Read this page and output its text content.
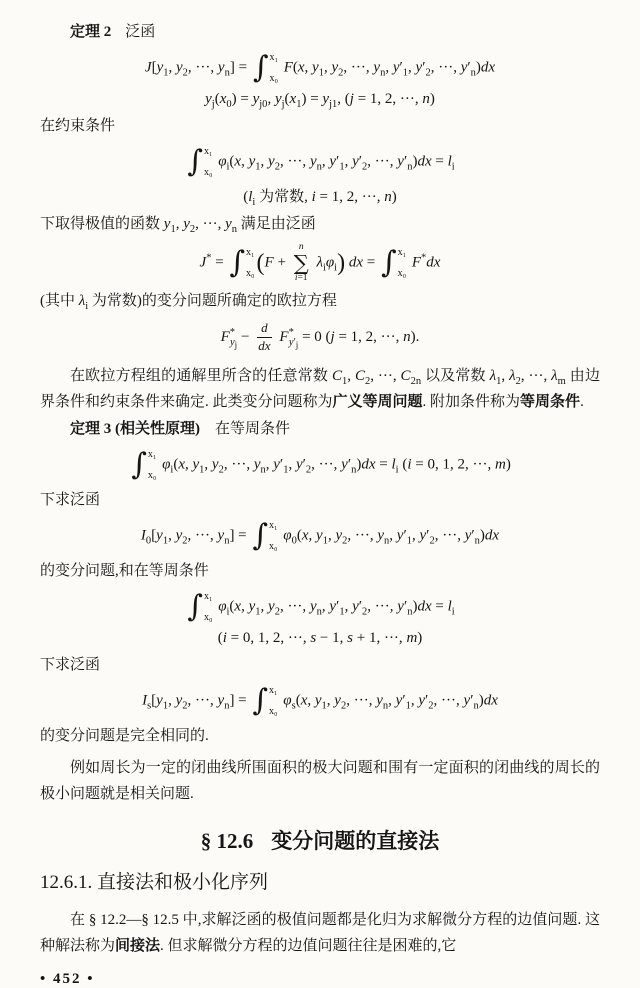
定理 2 泛函
$J[y_1$, $y_2$, ···, $y_n$] = ∫ x₁
x₀
F(x, $y_1$, $y_2$, ···, $y_n$, $y'_1$, $y'_2$, ···, $y'_n)dx$
$y_j(x_0) = y_{j0}$, $y_j(x_1) = y_{j1}$, (j = 1, 2, ···, n)
在约束条件
∫ x₁
x₀
$\varphi_i(x$, $y_1$, $y_2$, ···, $y_n$, $y'_1$, $y'_2$, ···, $y'_n)dx = l_i$
($l_i$ 为常数, i = 1, 2, ···, n)
下取得极值的函数 $y_1$, $y_2$, ···, $y_n$ 满足由泛函
J* = ∫ x₁
x₀ (F +
n
∑
i=1
$\lambda_i\varphi_i$) dx = ∫ x₁
x₀
F*dx
(其中 $\lambda_i$ 为常数)的变分问题所确定的欧拉方程
$F^*_{y_j} - \frac{d}{dx} F^*_{y'_j} = 0$ (j = 1, 2, ···, n).
在欧拉方程组的通解里所含的任意常数 $C_1$, $C_2$, ···, $C_{2n}$ 以及常数 $\lambda_1$, $\lambda_2$, ···, $\lambda_m$ 由边界条件和约束条件来确定. 此类变分问题称为广义等周问题. 附加条件称为等周条件.
定理 3 (相关性原理)　在等周条件
∫ x₁
x₀
$\varphi_i(x$, $y_1$, $y_2$, ···, $y_n$, $y'_1$, $y'_2$, ···, $y'_n)dx = l_i$ (i = 0, 1, 2, ···, m)
下求泛函
$I_0[y_1$, $y_2$, ···, $y_n$] = ∫ x₁
x₀
$\varphi_0(x$, $y_1$, $y_2$, ···, $y_n$, $y'_1$, $y'_2$, ···, $y'_n)dx$
的变分问题,和在等周条件
∫ x₁
x₀
$\varphi_i(x$, $y_1$, $y_2$, ···, $y_n$, $y'_1$, $y'_2$, ···, $y'_n)dx = l_i$
(i = 0, 1, 2, ···, s − 1, s + 1, ···, m)
下求泛函
$I_s[y_1$, $y_2$, ···, $y_n$] = ∫ x₁
x₀
$\varphi_s(x$, $y_1$, $y_2$, ···, $y_n$, $y'_1$, $y'_2$, ···, $y'_n)dx$
的变分问题是完全相同的.
例如周长为一定的闭曲线所围面积的极大问题和围有一定面积的闭曲线的周长的极小问题就是相关问题.
§ 12.6 变分问题的直接法
12.6.1. 直接法和极小化序列
在 § 12.2—§ 12.5 中,求解泛函的极值问题都是化归为求解微分方程的边值问题. 这种解法称为间接法. 但求解微分方程的边值问题往往是困难的,它
• 452 •
